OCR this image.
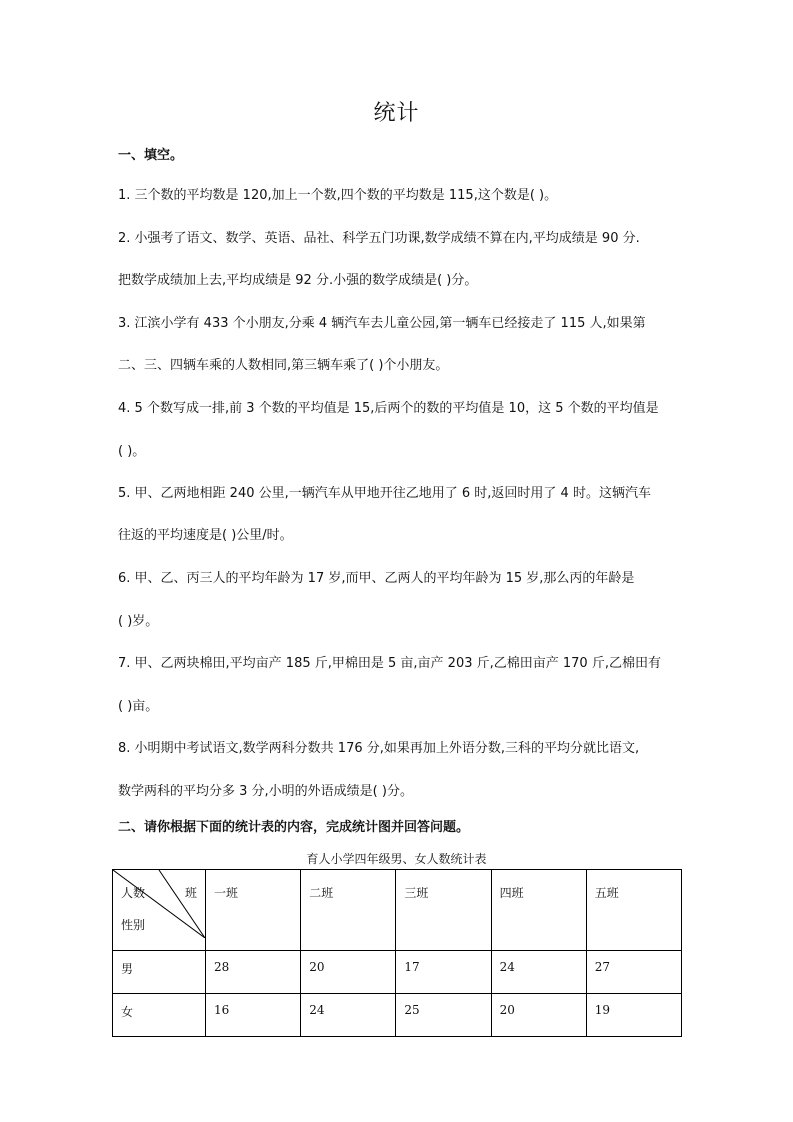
统计
一、填空。
1. 三个数的平均数是 120,加上一个数,四个数的平均数是 115,这个数是( )。
2. 小强考了语文、数学、英语、品社、科学五门功课,数学成绩不算在内,平均成绩是 90 分.
把数学成绩加上去,平均成绩是 92 分.小强的数学成绩是( )分。
3. 江滨小学有 433 个小朋友,分乘 4 辆汽车去儿童公园,第一辆车已经接走了 115 人,如果第
二、三、四辆车乘的人数相同,第三辆车乘了( )个小朋友。
4. 5 个数写成一排,前 3 个数的平均值是 15,后两个的数的平均值是 10，这 5 个数的平均值是
( )。
5. 甲、乙两地相距 240 公里,一辆汽车从甲地开往乙地用了 6 时,返回时用了 4 时。这辆汽车
往返的平均速度是( )公里/时。
6. 甲、乙、丙三人的平均年龄为 17 岁,而甲、乙两人的平均年龄为 15 岁,那么丙的年龄是
( )岁。
7. 甲、乙两块棉田,平均亩产 185 斤,甲棉田是 5 亩,亩产 203 斤,乙棉田亩产 170 斤,乙棉田有
( )亩。
8. 小明期中考试语文,数学两科分数共 176 分,如果再加上外语分数,三科的平均分就比语文,
数学两科的平均分多 3 分,小明的外语成绩是( )分。
二、请你根据下面的统计表的内容，完成统计图并回答问题。
育人小学四年级男、女人数统计表
人数 班
性别	一班	二班	三班	四班	五班
男	28	20	17	24	27
女	16	24	25	20	19
